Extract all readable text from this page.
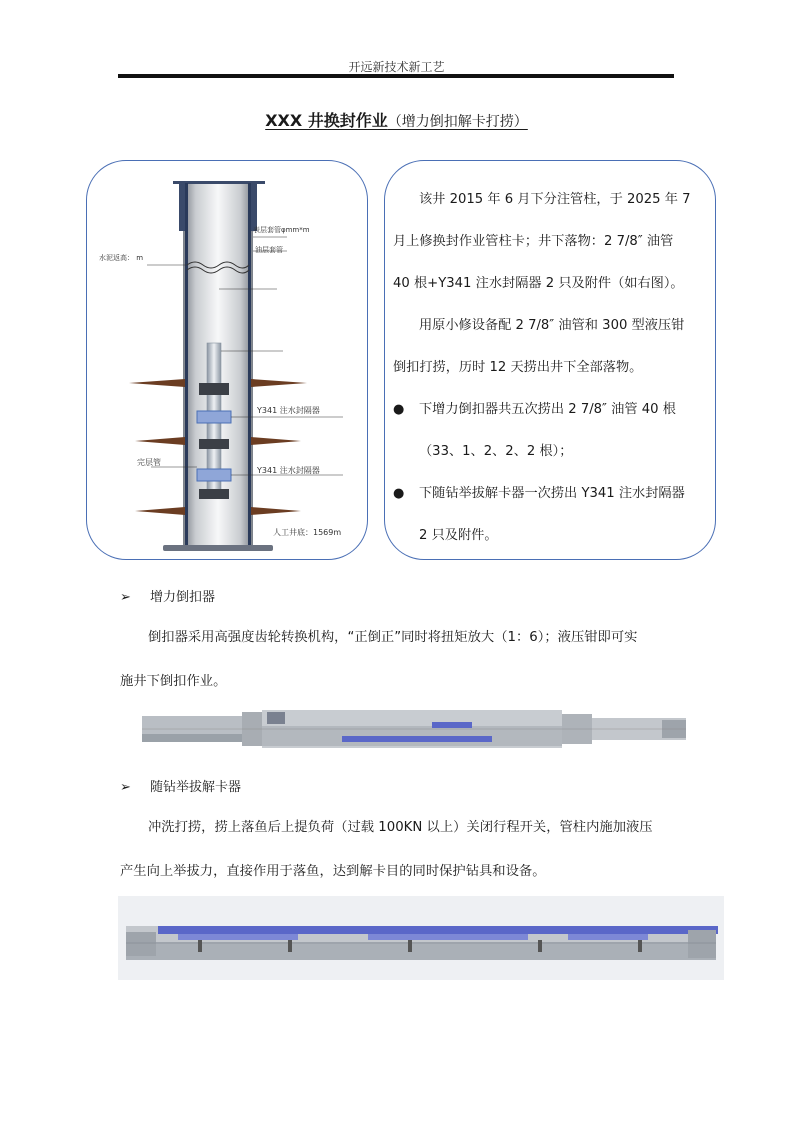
开远新技术新工艺
XXX 井换封作业（增力倒扣解卡打捞）
表层套管φmm*m
油层套管
水泥返高： m
Y341 注水封隔器
完层管
Y341 注水封隔器
人工井底：1569m
该井 2015 年 6 月下分注管柱，于 2025 年 7
月上修换封作业管柱卡；井下落物：2 7/8″ 油管
40 根+Y341 注水封隔器 2 只及附件（如右图）。
用原小修设备配 2 7/8″ 油管和 300 型液压钳
倒扣打捞，历时 12 天捞出井下全部落物。
●	下增力倒扣器共五次捞出 2 7/8″ 油管 40 根
（33、1、2、2、2 根）；
●	下随钻举拔解卡器一次捞出 Y341 注水封隔器
2 只及附件。
➢ 增力倒扣器
倒扣器采用高强度齿轮转换机构，“正倒正”同时将扭矩放大（1：6）；液压钳即可实
施井下倒扣作业。
➢ 随钻举拔解卡器
冲洗打捞，捞上落鱼后上提负荷（过载 100KN 以上）关闭行程开关，管柱内施加液压
产生向上举拔力，直接作用于落鱼，达到解卡目的同时保护钻具和设备。
